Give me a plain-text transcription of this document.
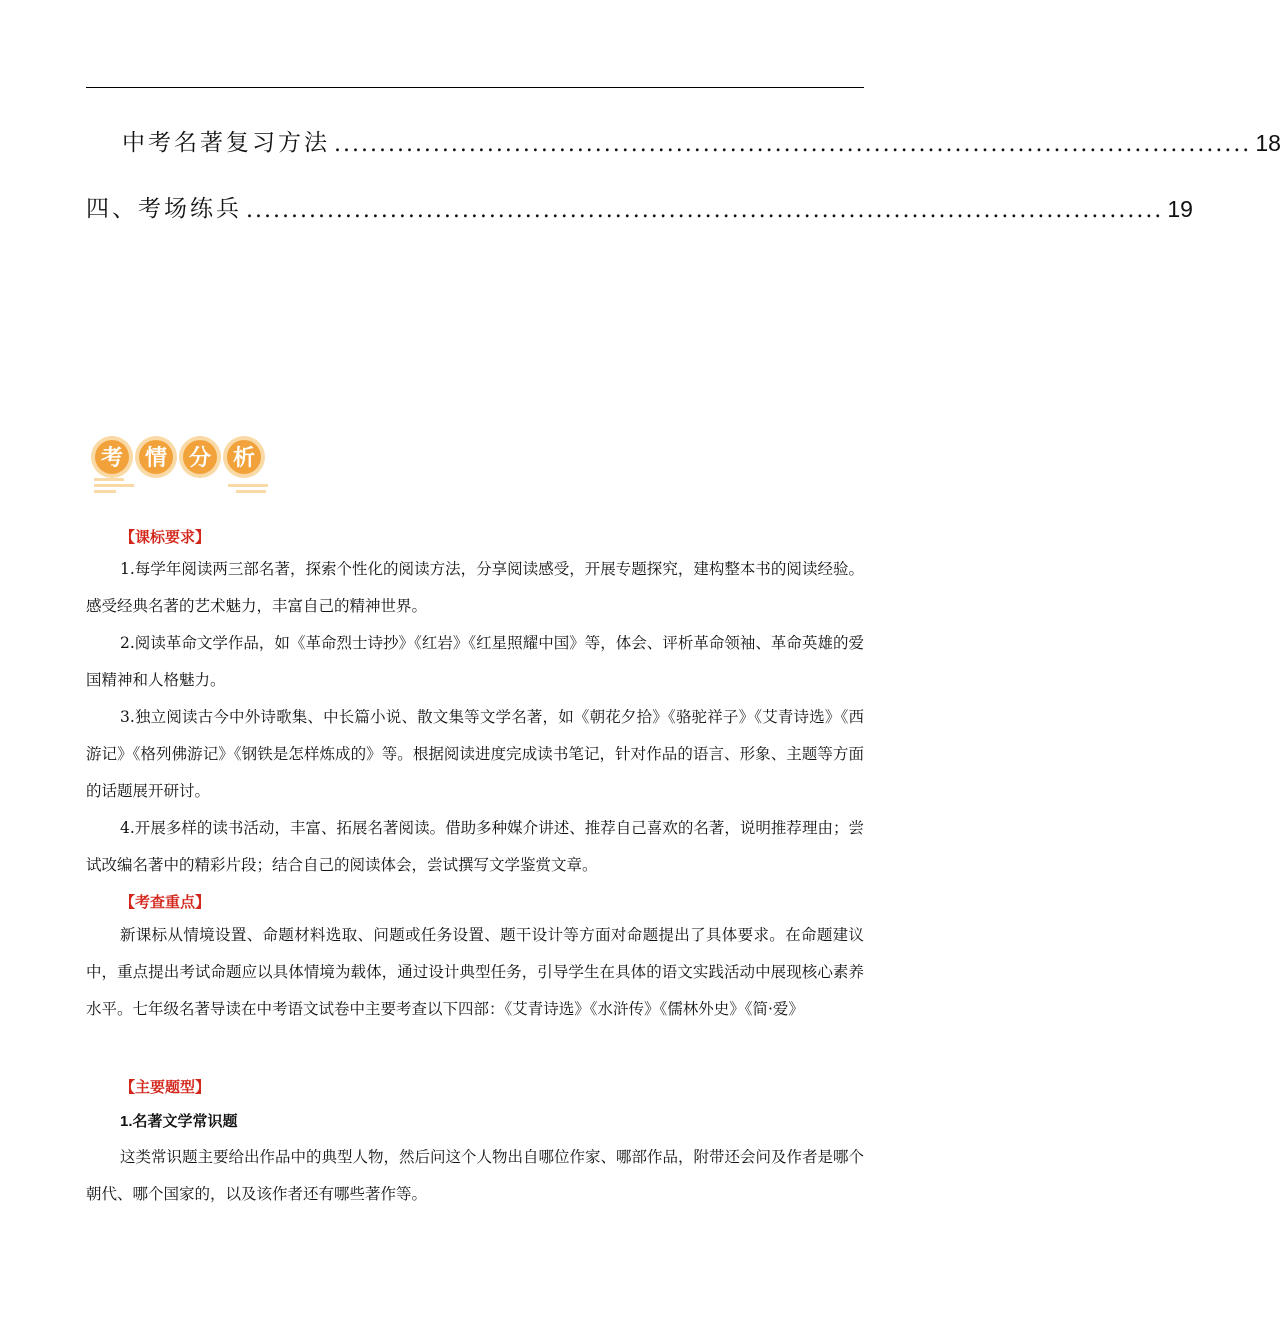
中考名著复习方法 ...................................................................................................... 18
四、考场练兵 ...................................................................................................... 19
考 情 分 析
【课标要求】

1.每学年阅读两三部名著，探索个性化的阅读方法，分享阅读感受，开展专题探究，建构整本书的阅读经验。感受经典名著的艺术魅力，丰富自己的精神世界。

2.阅读革命文学作品，如《革命烈士诗抄》《红岩》《红星照耀中国》等，体会、评析革命领袖、革命英雄的爱国精神和人格魅力。

3.独立阅读古今中外诗歌集、中长篇小说、散文集等文学名著，如《朝花夕拾》《骆驼祥子》《艾青诗选》《西游记》《格列佛游记》《钢铁是怎样炼成的》等。根据阅读进度完成读书笔记，针对作品的语言、形象、主题等方面的话题展开研讨。

4.开展多样的读书活动，丰富、拓展名著阅读。借助多种媒介讲述、推荐自己喜欢的名著，说明推荐理由；尝试改编名著中的精彩片段；结合自己的阅读体会，尝试撰写文学鉴赏文章。

【考查重点】

新课标从情境设置、命题材料选取、问题或任务设置、题干设计等方面对命题提出了具体要求。在命题建议中，重点提出考试命题应以具体情境为载体，通过设计典型任务，引导学生在具体的语文实践活动中展现核心素养水平。七年级名著导读在中考语文试卷中主要考查以下四部：《艾青诗选》《水浒传》《儒林外史》《简·爱》

【主要题型】
1.名著文学常识题

这类常识题主要给出作品中的典型人物，然后问这个人物出自哪位作家、哪部作品，附带还会问及作者是哪个朝代、哪个国家的，以及该作者还有哪些著作等。
